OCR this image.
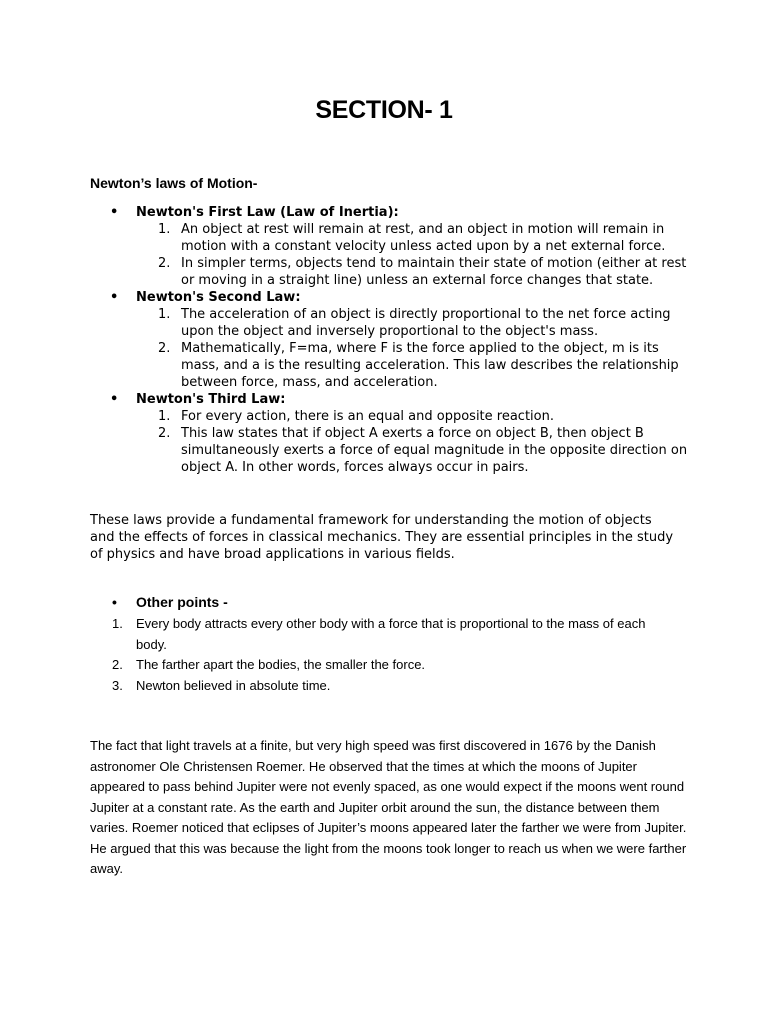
SECTION- 1
Newton’s laws of Motion-
• Newton's First Law (Law of Inertia):
1. An object at rest will remain at rest, and an object in motion will remain in motion with a constant velocity unless acted upon by a net external force.
2. In simpler terms, objects tend to maintain their state of motion (either at rest or moving in a straight line) unless an external force changes that state.
• Newton's Second Law:
1. The acceleration of an object is directly proportional to the net force acting upon the object and inversely proportional to the object's mass.
2. Mathematically, F=ma, where F is the force applied to the object, m is its mass, and a is the resulting acceleration. This law describes the relationship between force, mass, and acceleration.
• Newton's Third Law:
1. For every action, there is an equal and opposite reaction.
2. This law states that if object A exerts a force on object B, then object B simultaneously exerts a force of equal magnitude in the opposite direction on object A. In other words, forces always occur in pairs.
These laws provide a fundamental framework for understanding the motion of objects and the effects of forces in classical mechanics. They are essential principles in the study of physics and have broad applications in various fields.
• Other points -
1. Every body attracts every other body with a force that is proportional to the mass of each body.
2. The farther apart the bodies, the smaller the force.
3. Newton believed in absolute time.
The fact that light travels at a finite, but very high speed was first discovered in 1676 by the Danish astronomer Ole Christensen Roemer. He observed that the times at which the moons of Jupiter appeared to pass behind Jupiter were not evenly spaced, as one would expect if the moons went round Jupiter at a constant rate. As the earth and Jupiter orbit around the sun, the distance between them varies. Roemer noticed that eclipses of Jupiter’s moons appeared later the farther we were from Jupiter. He argued that this was because the light from the moons took longer to reach us when we were farther away.
